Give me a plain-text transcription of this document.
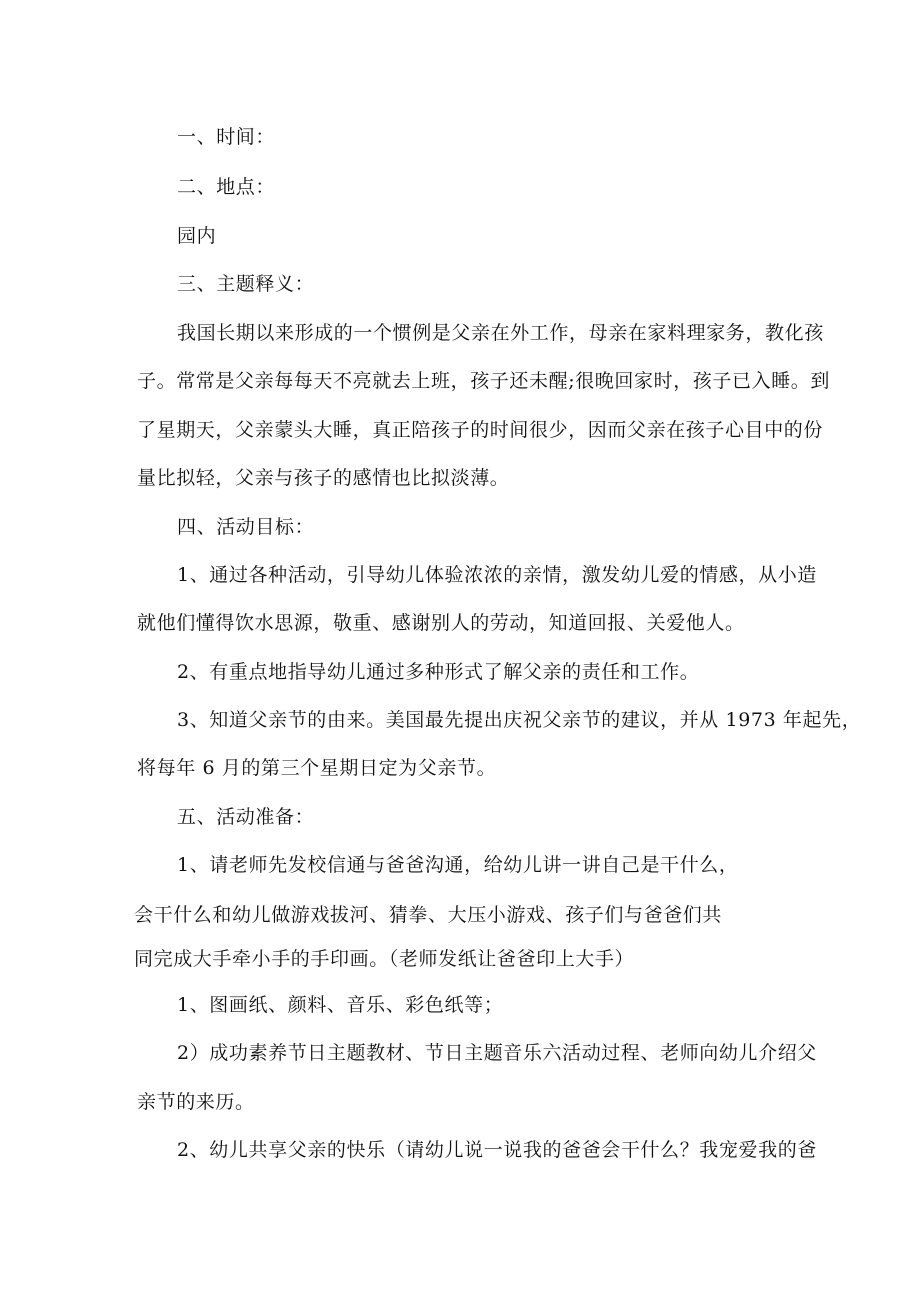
一、时间：
二、地点：
园内
三、主题释义：
我国长期以来形成的一个惯例是父亲在外工作，母亲在家料理家务，教化孩
子。常常是父亲每每天不亮就去上班，孩子还未醒;很晚回家时，孩子已入睡。到
了星期天，父亲蒙头大睡，真正陪孩子的时间很少，因而父亲在孩子心目中的份
量比拟轻，父亲与孩子的感情也比拟淡薄。
四、活动目标：
1、通过各种活动，引导幼儿体验浓浓的亲情，激发幼儿爱的情感，从小造
就他们懂得饮水思源，敬重、感谢别人的劳动，知道回报、关爱他人。
2、有重点地指导幼儿通过多种形式了解父亲的责任和工作。
3、知道父亲节的由来。美国最先提出庆祝父亲节的建议，并从 1973 年起先，
将每年 6 月的第三个星期日定为父亲节。
五、活动准备：
1、请老师先发校信通与爸爸沟通，给幼儿讲一讲自己是干什么，
会干什么和幼儿做游戏拔河、猜拳、大压小游戏、孩子们与爸爸们共
同完成大手牵小手的手印画。（老师发纸让爸爸印上大手）
1、图画纸、颜料、音乐、彩色纸等；
2）成功素养节日主题教材、节日主题音乐六活动过程、老师向幼儿介绍父
亲节的来历。
2、幼儿共享父亲的快乐（请幼儿说一说我的爸爸会干什么？我宠爱我的爸
